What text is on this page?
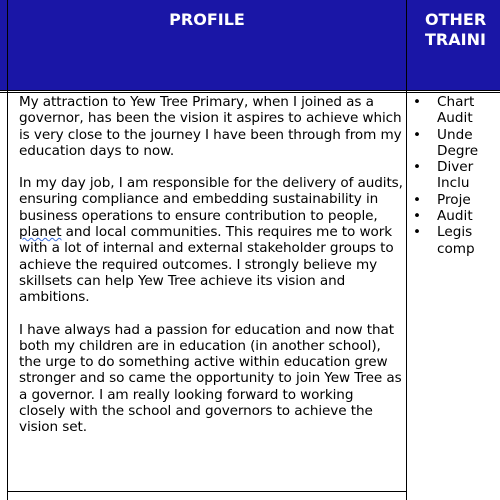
PROFILE	OTHER
TRAINI

My attraction to Yew Tree Primary, when I joined as a governor, has been the vision it aspires to achieve which is very close to the journey I have been through from my education days to now.

In my day job, I am responsible for the delivery of audits, ensuring compliance and embedding sustainability in business operations to ensure contribution to people, planet and local communities. This requires me to work with a lot of internal and external stakeholder groups to achieve the required outcomes. I strongly believe my skillsets can help Yew Tree achieve its vision and ambitions.

I have always had a passion for education and now that both my children are in education (in another school), the urge to do something active within education grew stronger and so came the opportunity to join Yew Tree as a governor. I am really looking forward to working closely with the school and governors to achieve the vision set.

• Chart
Audit
• Unde
Degre
• Diver
Inclu
• Proje
• Audit
• Legis
comp
